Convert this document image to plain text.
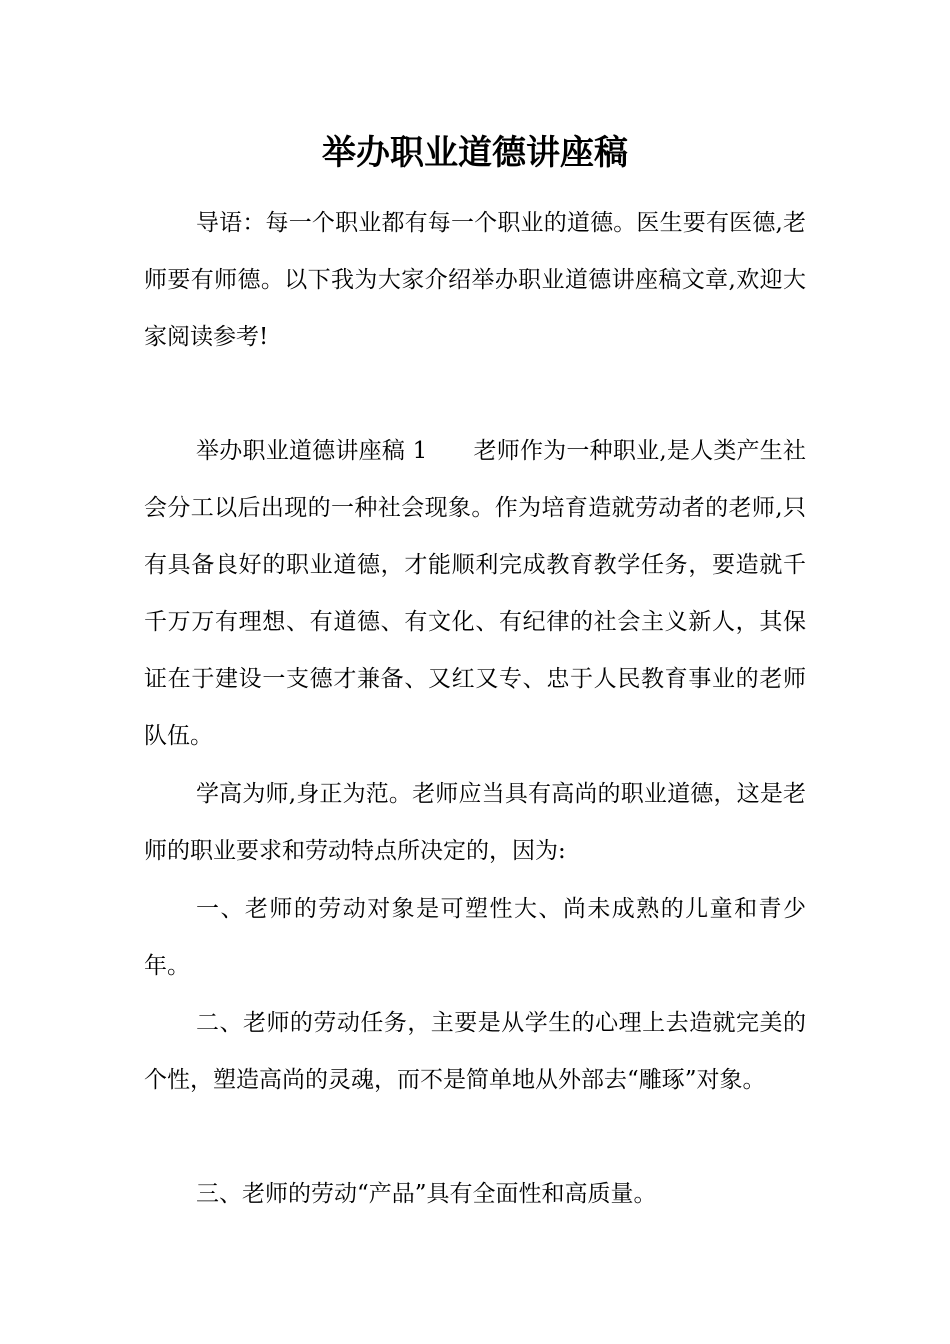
举办职业道德讲座稿

导语：每一个职业都有每一个职业的道德。医生要有医德,老师要有师德。以下我为大家介绍举办职业道德讲座稿文章,欢迎大家阅读参考!

举办职业道德讲座稿 1 老师作为一种职业,是人类产生社会分工以后出现的一种社会现象。作为培育造就劳动者的老师,只有具备良好的职业道德，才能顺利完成教育教学任务，要造就千千万万有理想、有道德、有文化、有纪律的社会主义新人，其保证在于建设一支德才兼备、又红又专、忠于人民教育事业的老师队伍。

学高为师,身正为范。老师应当具有高尚的职业道德，这是老师的职业要求和劳动特点所决定的，因为:

一、老师的劳动对象是可塑性大、尚未成熟的儿童和青少年。

二、老师的劳动任务，主要是从学生的心理上去造就完美的个性，塑造高尚的灵魂，而不是简单地从外部去“雕琢”对象。

三、老师的劳动“产品”具有全面性和高质量。
